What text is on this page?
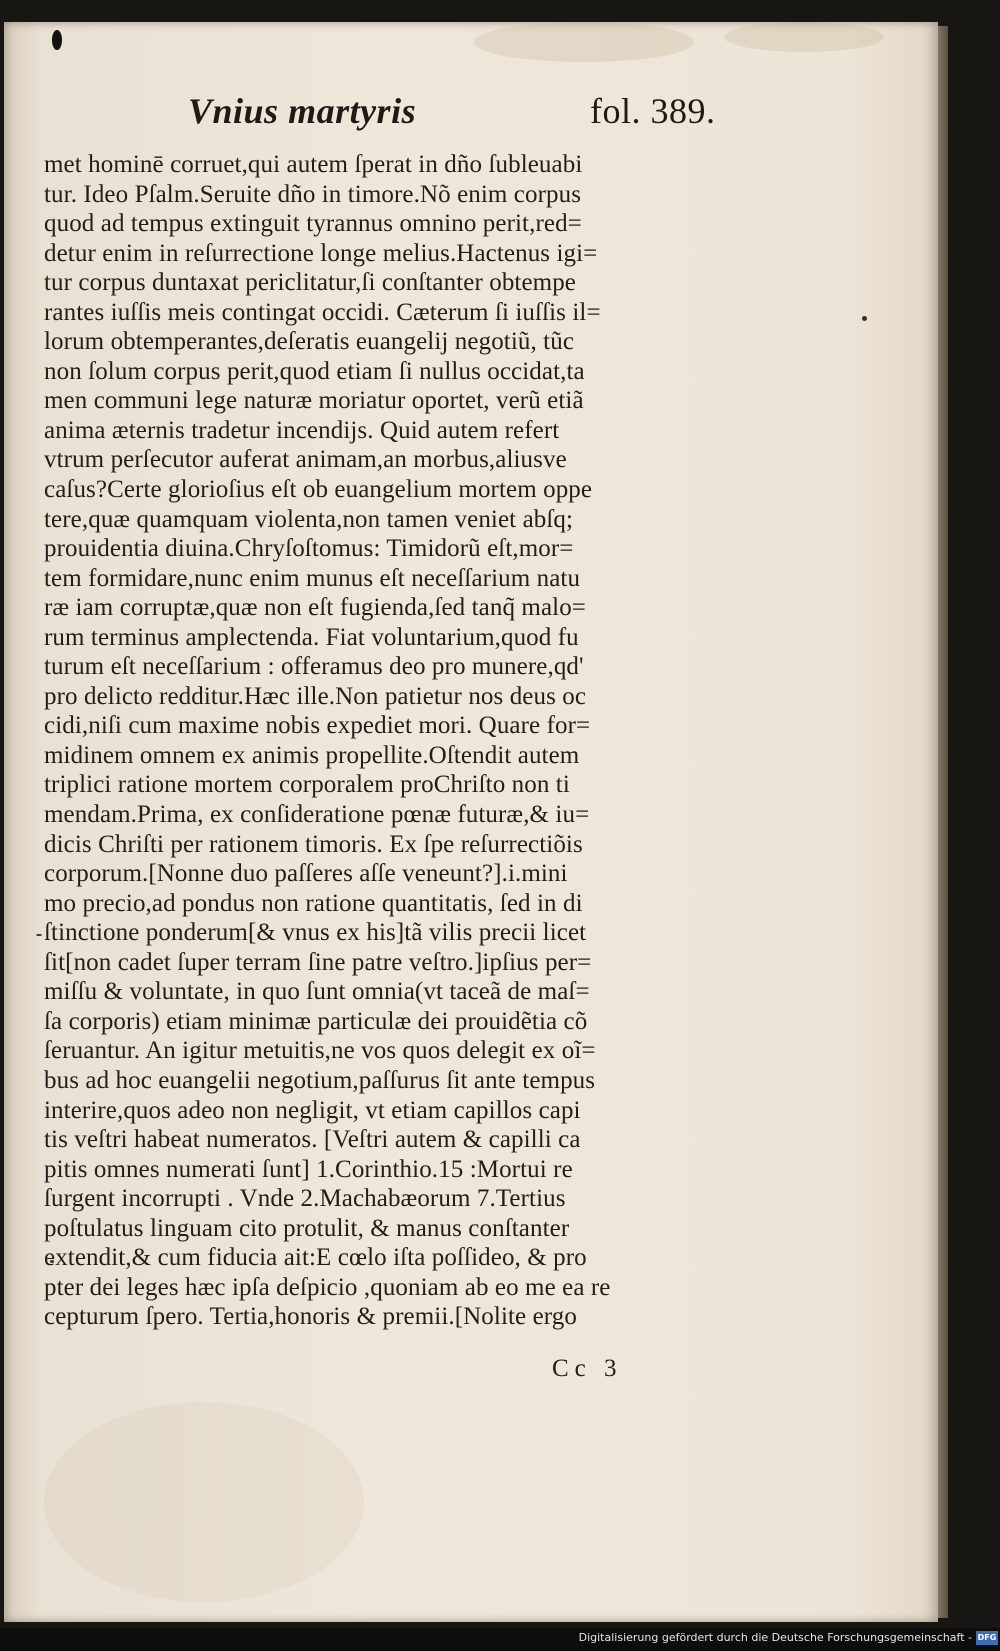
Vnius martyris	fol. 389.
met hominē corruet,qui autem ſperat in dño ſubleuabi
tur. Ideo Pſalm.Seruite dño in timore.Nõ enim corpus
quod ad tempus extinguit tyrannus omnino perit,red=
detur enim in reſurrectione longe melius.Hactenus igi=
tur corpus duntaxat periclitatur,ſi conſtanter obtempe
rantes iuſſis meis contingat occidi. Cæterum ſi iuſſis il=
lorum obtemperantes,deſeratis euangelij negotiũ, tũc
non ſolum corpus perit,quod etiam ſi nullus occidat,ta
men communi lege naturæ moriatur oportet, verũ etiã
anima æternis tradetur incendijs. Quid autem refert
vtrum perſecutor auferat animam,an morbus,aliusve
caſus?Certe glorioſius eſt ob euangelium mortem oppe
tere,quæ quamquam violenta,non tamen veniet abſq;
prouidentia diuina.Chryſoſtomus: Timidorũ eſt,mor=
tem formidare,nunc enim munus eſt neceſſarium natu
ræ iam corruptæ,quæ non eſt fugienda,ſed tanq̃ malo=
rum terminus amplectenda. Fiat voluntarium,quod fu
turum eſt neceſſarium : offeramus deo pro munere,qd'
pro delicto redditur.Hæc ille.Non patietur nos deus oc
cidi,niſi cum maxime nobis expediet mori. Quare for=
midinem omnem ex animis propellite.Oſtendit autem
triplici ratione mortem corporalem proChriſto non ti
mendam.Prima, ex conſideratione pœnæ futuræ,& iu=
dicis Chriſti per rationem timoris. Ex ſpe reſurrectiõis
corporum.[Nonne duo paſſeres aſſe veneunt?].i.mini
mo precio,ad pondus non ratione quantitatis, ſed in di
ſtinctione ponderum[& vnus ex his]tã vilis precii licet
ſit[non cadet ſuper terram ſine patre veſtro.]ipſius per=
miſſu & voluntate, in quo ſunt omnia(vt taceã de maſ=
ſa corporis) etiam minimæ particulæ dei prouidẽtia cõ
ſeruantur. An igitur metuitis,ne vos quos delegit ex oĩ=
bus ad hoc euangelii negotium,paſſurus ſit ante tempus
interire,quos adeo non negligit, vt etiam capillos capi
tis veſtri habeat numeratos. [Veſtri autem & capilli ca
pitis omnes numerati ſunt] 1.Corinthio.15 :Mortui re
ſurgent incorrupti . Vnde 2.Machabæorum 7.Tertius
poſtulatus linguam cito protulit, & manus conſtanter
extendit,& cum fiducia ait:E cœlo iſta poſſideo, & pro
pter dei leges hæc ipſa deſpicio ,quoniam ab eo me ea re
cepturum ſpero. Tertia,honoris & premii.[Nolite ergo
Cc 3
Digitalisierung gefördert durch die Deutsche Forschungsgemeinschaft - DFG
